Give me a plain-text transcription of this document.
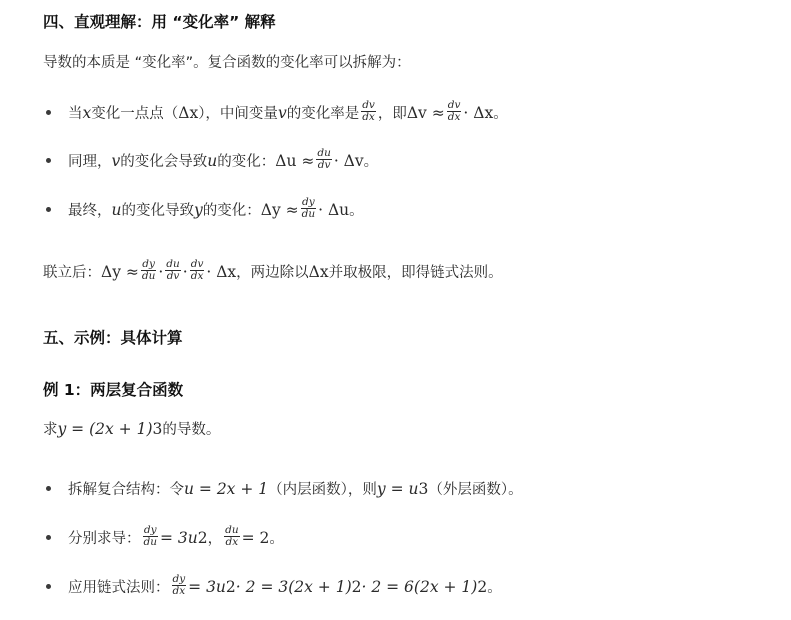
四、直观理解：用 “变化率” 解释

导数的本质是 “变化率”。复合函数的变化率可以拆解为：

当 x 变化一点点（ Δx ），中间变量 v 的变化率是 $\frac{dv}{dx}$ ，即 $\Delta v \approx \frac{dv}{dx} \cdot \Delta x$ 。
同理， v 的变化会导致 u 的变化： $\Delta u \approx \frac{du}{dv} \cdot \Delta v$ 。
最终， u 的变化导致 y 的变化： $\Delta y \approx \frac{dy}{du} \cdot \Delta u$ 。

联立后： $\Delta y \approx \frac{dy}{du} \cdot \frac{du}{dv} \cdot \frac{dv}{dx} \cdot \Delta x$ ，两边除以 Δx 并取极限，即得链式法则。

五、示例：具体计算
例 1：两层复合函数

求 y = (2x + 1) 3 的导数。

拆解复合结构：令 u = 2x + 1 （内层函数），则 y = u 3 （外层函数）。
分别求导： $\frac{dy}{du} = 3u$ 2 ， $\frac{du}{dx} = 2$ 。
应用链式法则： $\frac{dy}{dx} = 3u$ 2 · 2 = 3(2x + 1) 2 · 2 = 6(2x + 1) 2 。
